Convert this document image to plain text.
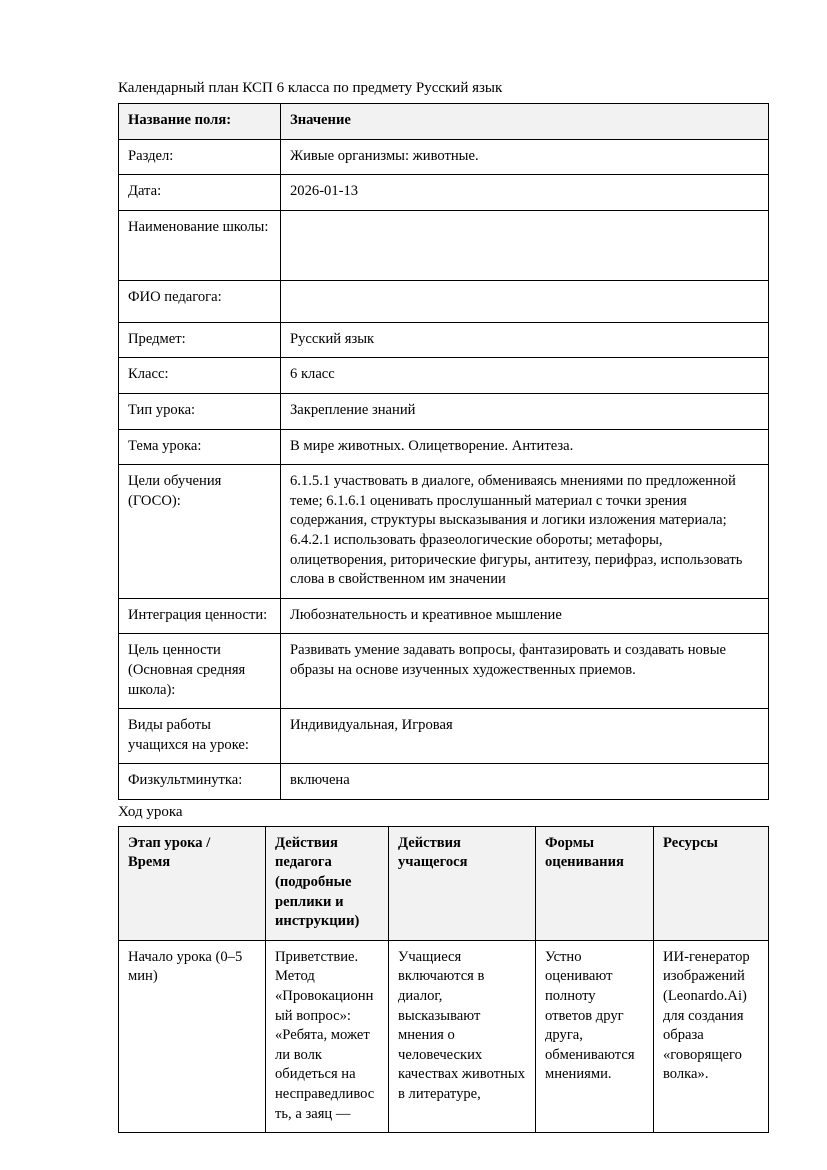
Календарный план КСП 6 класса по предмету Русский язык

Название поля:	Значение
Раздел:	Живые организмы: животные.
Дата:	2026-01-13
Наименование школы:	
ФИО педагога:	
Предмет:	Русский язык
Класс:	6 класс
Тип урока:	Закрепление знаний
Тема урока:	В мире животных. Олицетворение. Антитеза.
Цели обучения (ГОСО):	6.1.5.1 участвовать в диалоге, обмениваясь мнениями по предложенной теме; 6.1.6.1 оценивать прослушанный материал с точки зрения содержания, структуры высказывания и логики изложения материала; 6.4.2.1 использовать фразеологические обороты; метафоры, олицетворения, риторические фигуры, антитезу, перифраз, использовать слова в свойственном им значении
Интеграция ценности:	Любознательность и креативное мышление
Цель ценности (Основная средняя школа):	Развивать умение задавать вопросы, фантазировать и создавать новые образы на основе изученных художественных приемов.
Виды работы учащихся на уроке:	Индивидуальная, Игровая
Физкультминутка:	включена

Ход урока

Этап урока / Время	Действия педагога (подробные реплики и инструкции)	Действия учащегося	Формы оценивания	Ресурсы
Начало урока (0–5 мин)	Приветствие. Метод «Провокационный вопрос»: «Ребята, может ли волк обидеться на несправедливость, а заяц —	Учащиеся включаются в диалог, высказывают мнения о человеческих качествах животных в литературе,	Устно оценивают полноту ответов друг друга, обмениваются мнениями.	ИИ-генератор изображений (Leonardo.Ai) для создания образа «говорящего волка».
